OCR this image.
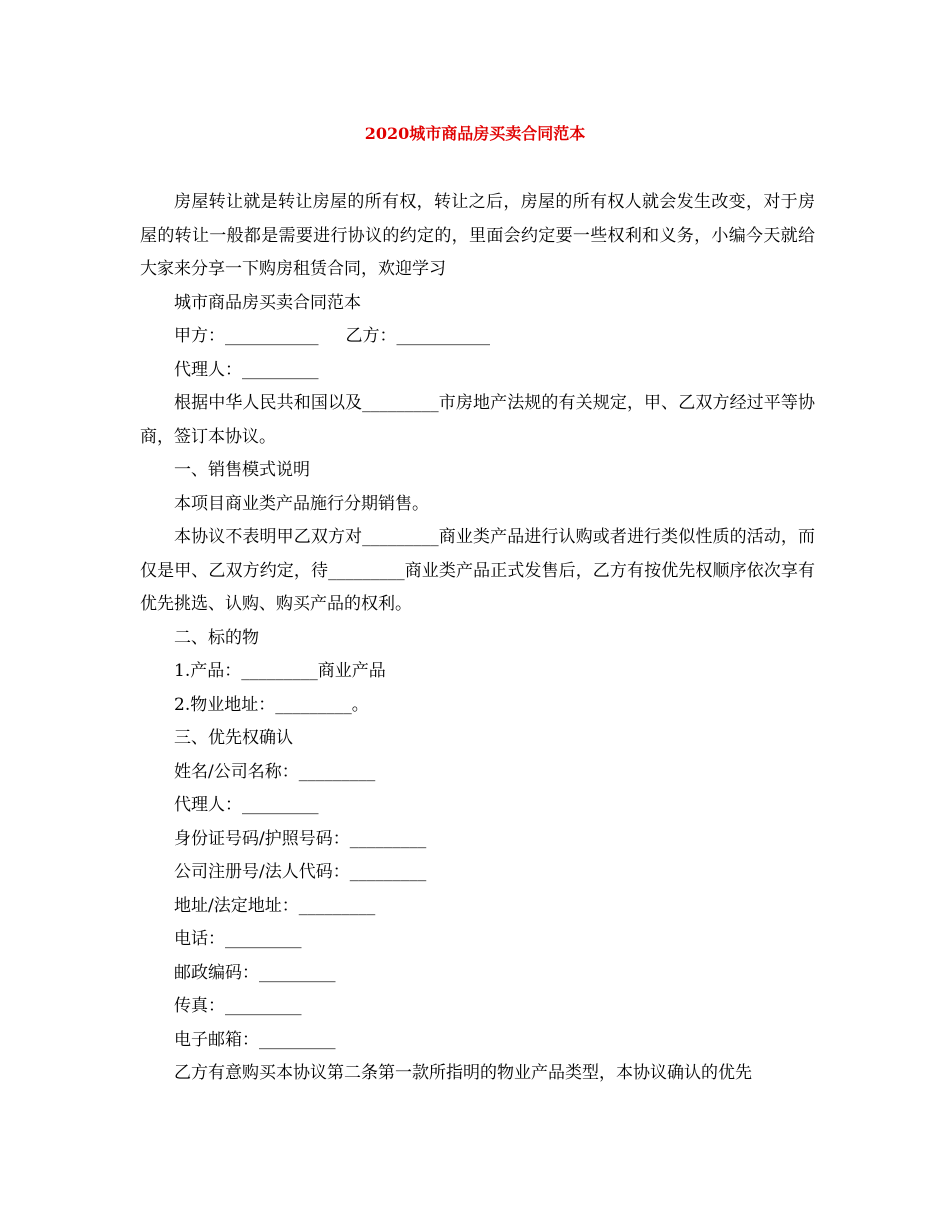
2020城市商品房买卖合同范本

房屋转让就是转让房屋的所有权，转让之后，房屋的所有权人就会发生改变，对于房屋的转让一般都是需要进行协议的约定的，里面会约定要一些权利和义务，小编今天就给大家来分享一下购房租赁合同，欢迎学习

城市商品房买卖合同范本

甲方：___________     乙方：___________

代理人：_________

根据中华人民共和国以及_________市房地产法规的有关规定，甲、乙双方经过平等协商，签订本协议。

一、销售模式说明

本项目商业类产品施行分期销售。

本协议不表明甲乙双方对_________商业类产品进行认购或者进行类似性质的活动，而仅是甲、乙双方约定，待_________商业类产品正式发售后，乙方有按优先权顺序依次享有优先挑选、认购、购买产品的权利。

二、标的物

1.产品：_________商业产品

2.物业地址：_________。

三、优先权确认

姓名/公司名称：_________

代理人：_________

身份证号码/护照号码：_________

公司注册号/法人代码：_________

地址/法定地址：_________

电话：_________

邮政编码：_________

传真：_________

电子邮箱：_________

乙方有意购买本协议第二条第一款所指明的物业产品类型，本协议确认的优先
